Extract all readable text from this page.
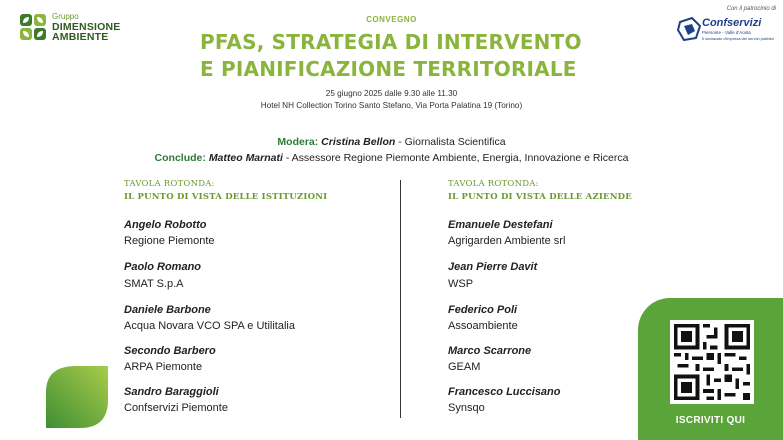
Gruppo
DIMENSIONE
AMBIENTE
Con il patrocinio di
Confservizi
Piemonte - Valle d'Aosta
Il sindacato d'impresa dei servizi pubblici
CONVEGNO
PFAS, STRATEGIA DI INTERVENTO
E PIANIFICAZIONE TERRITORIALE
25 giugno 2025 dalle 9.30 alle 11.30
Hotel NH Collection Torino Santo Stefano, Via Porta Palatina 19 (Torino)
Modera: Cristina Bellon - Giornalista Scientifica
Conclude: Matteo Marnati - Assessore Regione Piemonte Ambiente, Energia, Innovazione e Ricerca
TAVOLA ROTONDA:
IL PUNTO DI VISTA DELLE ISTITUZIONI
Angelo Robotto
Regione Piemonte
Paolo Romano
SMAT S.p.A
Daniele Barbone
Acqua Novara VCO SPA e Utilitalia
Secondo Barbero
ARPA Piemonte
Sandro Baraggioli
Confservizi Piemonte
TAVOLA ROTONDA:
IL PUNTO DI VISTA DELLE AZIENDE
Emanuele Destefani
Agrigarden Ambiente srl
Jean Pierre Davit
WSP
Federico Poli
Assoambiente
Marco Scarrone
GEAM
Francesco Luccisano
Synsqo
ISCRIVITI QUI
